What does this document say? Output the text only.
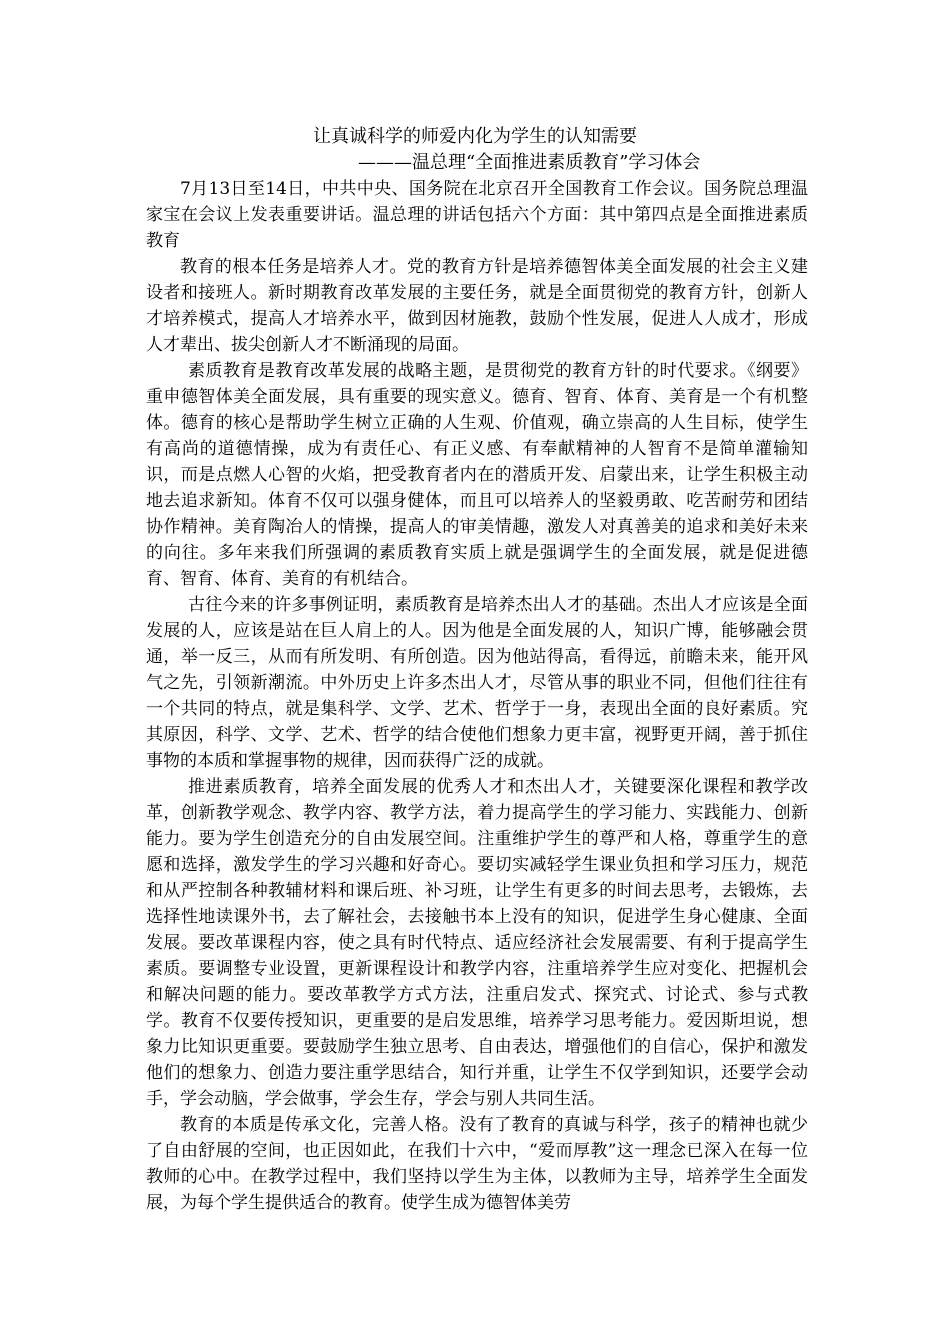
让真诚科学的师爱内化为学生的认知需要

———温总理“全面推进素质教育”学习体会

7月13日至14日，中共中央、国务院在北京召开全国教育工作会议。国务院总理温家宝在会议上发表重要讲话。温总理的讲话包括六个方面：其中第四点是全面推进素质教育

教育的根本任务是培养人才。党的教育方针是培养德智体美全面发展的社会主义建设者和接班人。新时期教育改革发展的主要任务，就是全面贯彻党的教育方针，创新人才培养模式，提高人才培养水平，做到因材施教，鼓励个性发展，促进人人成才，形成人才辈出、拔尖创新人才不断涌现的局面。

素质教育是教育改革发展的战略主题，是贯彻党的教育方针的时代要求。《纲要》重申德智体美全面发展，具有重要的现实意义。德育、智育、体育、美育是一个有机整体。德育的核心是帮助学生树立正确的人生观、价值观，确立崇高的人生目标，使学生有高尚的道德情操，成为有责任心、有正义感、有奉献精神的人智育不是简单灌输知识，而是点燃人心智的火焰，把受教育者内在的潜质开发、启蒙出来，让学生积极主动地去追求新知。体育不仅可以强身健体，而且可以培养人的坚毅勇敢、吃苦耐劳和团结协作精神。美育陶冶人的情操，提高人的审美情趣，激发人对真善美的追求和美好未来的向往。多年来我们所强调的素质教育实质上就是强调学生的全面发展，就是促进德育、智育、体育、美育的有机结合。

古往今来的许多事例证明，素质教育是培养杰出人才的基础。杰出人才应该是全面发展的人，应该是站在巨人肩上的人。因为他是全面发展的人，知识广博，能够融会贯通，举一反三，从而有所发明、有所创造。因为他站得高，看得远，前瞻未来，能开风气之先，引领新潮流。中外历史上许多杰出人才，尽管从事的职业不同，但他们往往有一个共同的特点，就是集科学、文学、艺术、哲学于一身，表现出全面的良好素质。究其原因，科学、文学、艺术、哲学的结合使他们想象力更丰富，视野更开阔，善于抓住事物的本质和掌握事物的规律，因而获得广泛的成就。

推进素质教育，培养全面发展的优秀人才和杰出人才，关键要深化课程和教学改革，创新教学观念、教学内容、教学方法，着力提高学生的学习能力、实践能力、创新能力。要为学生创造充分的自由发展空间。注重维护学生的尊严和人格，尊重学生的意愿和选择，激发学生的学习兴趣和好奇心。要切实减轻学生课业负担和学习压力，规范和从严控制各种教辅材料和课后班、补习班，让学生有更多的时间去思考，去锻炼，去选择性地读课外书，去了解社会，去接触书本上没有的知识，促进学生身心健康、全面发展。要改革课程内容，使之具有时代特点、适应经济社会发展需要、有利于提高学生素质。要调整专业设置，更新课程设计和教学内容，注重培养学生应对变化、把握机会和解决问题的能力。要改革教学方式方法，注重启发式、探究式、讨论式、参与式教学。教育不仅要传授知识，更重要的是启发思维，培养学习思考能力。爱因斯坦说，想象力比知识更重要。要鼓励学生独立思考、自由表达，增强他们的自信心，保护和激发他们的想象力、创造力要注重学思结合，知行并重，让学生不仅学到知识，还要学会动手，学会动脑，学会做事，学会生存，学会与别人共同生活。

教育的本质是传承文化，完善人格。没有了教育的真诚与科学，孩子的精神也就少了自由舒展的空间，也正因如此，在我们十六中，“爱而厚教”这一理念已深入在每一位教师的心中。在教学过程中，我们坚持以学生为主体，以教师为主导，培养学生全面发展，为每个学生提供适合的教育。使学生成为德智体美劳
